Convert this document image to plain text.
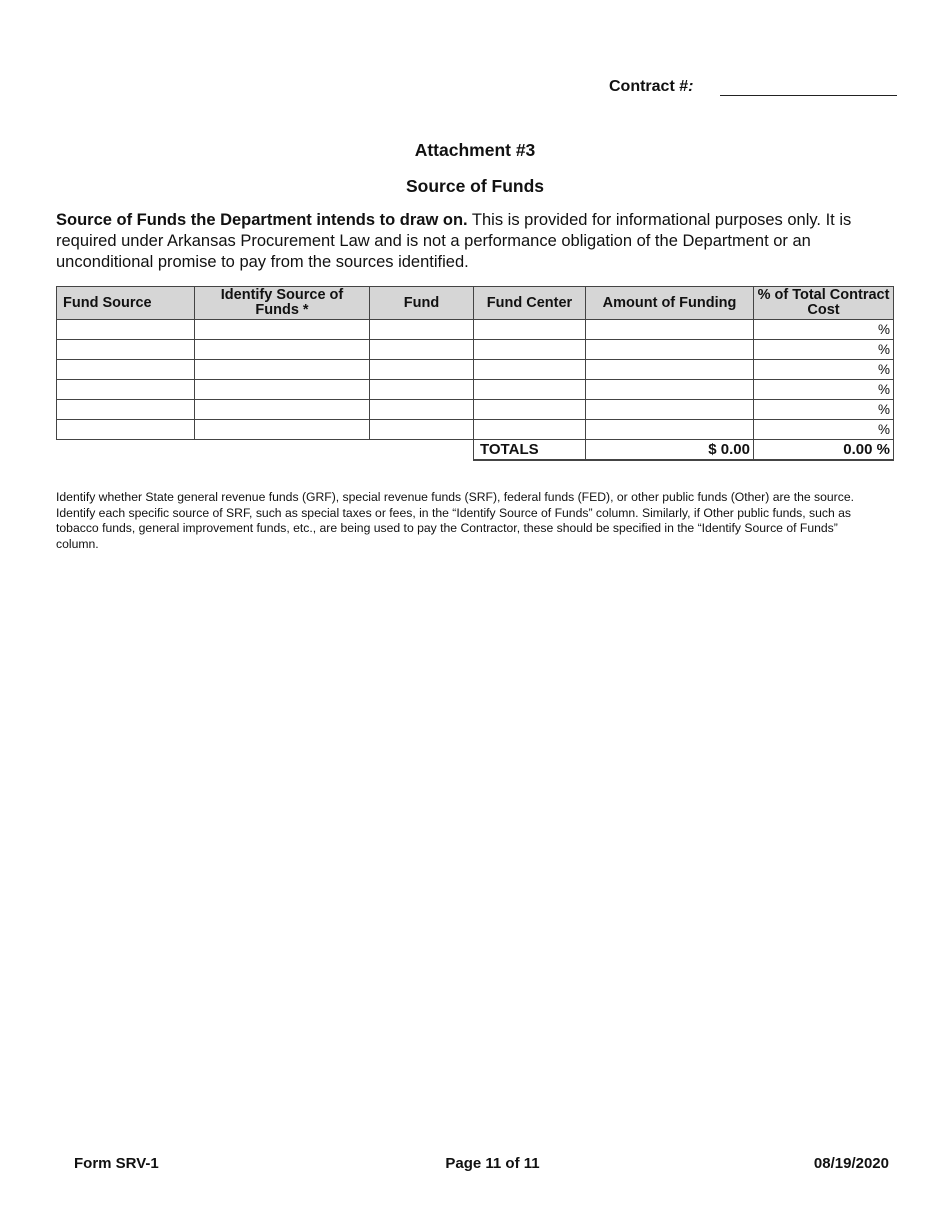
Contract #:
Attachment #3
Source of Funds
Source of Funds the Department intends to draw on. This is provided for informational purposes only. It is required under Arkansas Procurement Law and is not a performance obligation of the Department or an unconditional promise to pay from the sources identified.
Fund Source	Identify Source of Funds *	Fund	Fund Center	Amount of Funding	% of Total Contract Cost
					%
					%
					%
					%
					%
					%
			TOTALS	$ 0.00	0.00 %
Identify whether State general revenue funds (GRF), special revenue funds (SRF), federal funds (FED), or other public funds (Other) are the source. Identify each specific source of SRF, such as special taxes or fees, in the “Identify Source of Funds” column. Similarly, if Other public funds, such as tobacco funds, general improvement funds, etc., are being used to pay the Contractor, these should be specified in the “Identify Source of Funds” column.
Form SRV-1	Page 11 of 11	08/19/2020
